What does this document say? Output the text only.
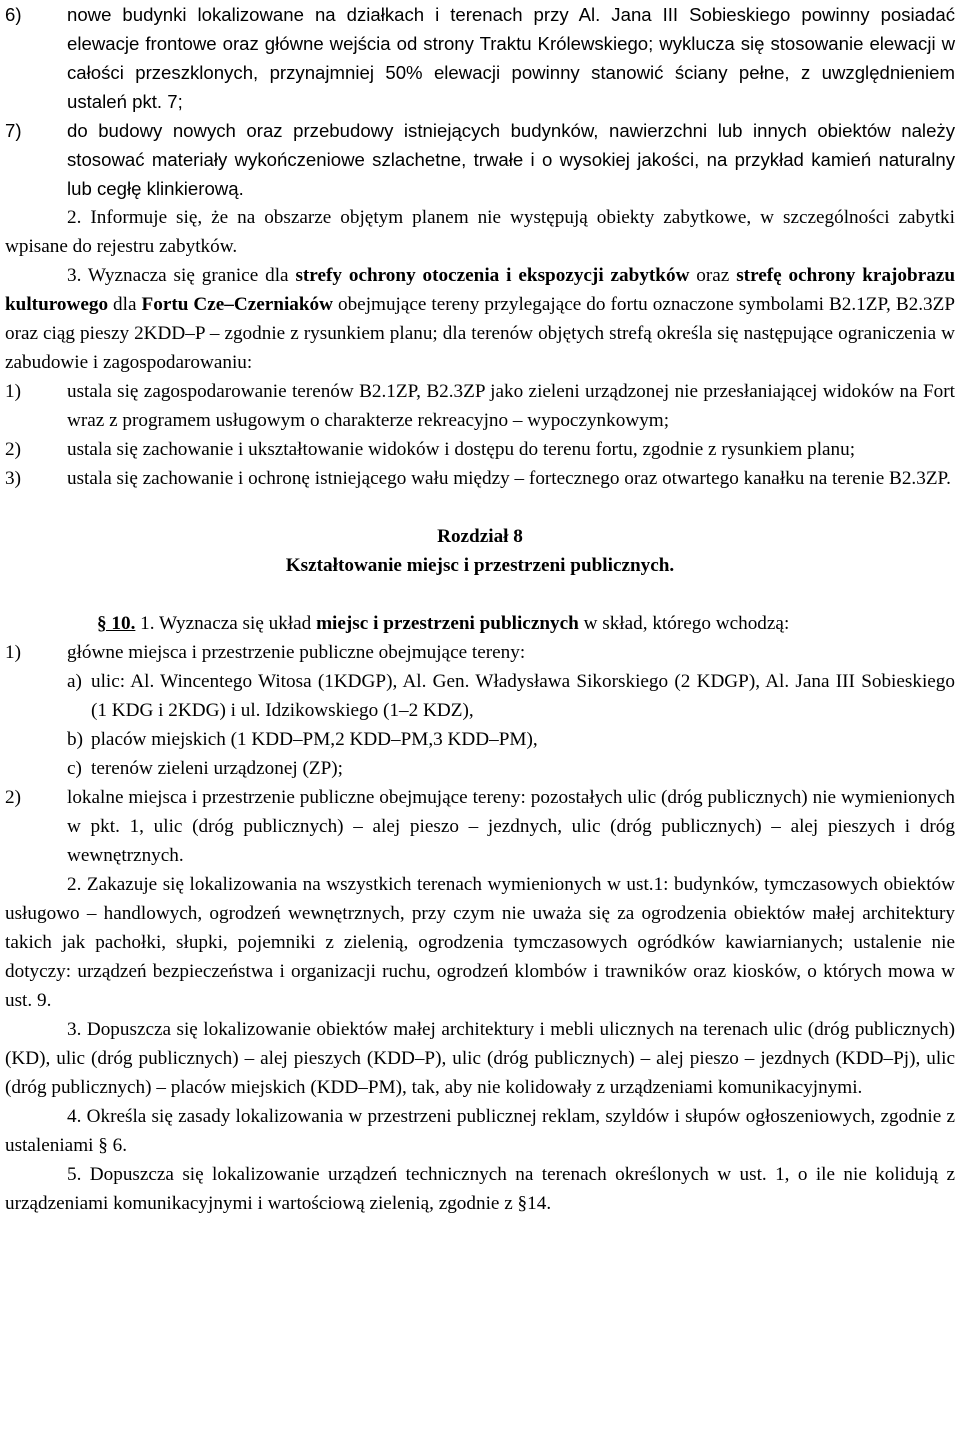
6) nowe budynki lokalizowane na działkach i terenach przy Al. Jana III Sobieskiego powinny posiadać elewacje frontowe oraz główne wejścia od strony Traktu Królewskiego; wyklucza się stosowanie elewacji w całości przeszklonych, przynajmniej 50% elewacji powinny stanowić ściany pełne, z uwzględnieniem ustaleń pkt. 7;
7) do budowy nowych oraz przebudowy istniejących budynków, nawierzchni lub innych obiektów należy stosować materiały wykończeniowe szlachetne, trwałe i o wysokiej jakości, na przykład kamień naturalny lub cegłę klinkierową.

2. Informuje się, że na obszarze objętym planem nie występują obiekty zabytkowe, w szczególności zabytki wpisane do rejestru zabytków.

3. Wyznacza się granice dla strefy ochrony otoczenia i ekspozycji zabytków oraz strefę ochrony krajobrazu kulturowego dla Fortu Cze–Czerniaków obejmujące tereny przylegające do fortu oznaczone symbolami B2.1ZP, B2.3ZP oraz ciąg pieszy 2KDD–P – zgodnie z rysunkiem planu; dla terenów objętych strefą określa się następujące ograniczenia w zabudowie i zagospodarowaniu:

1) ustala się zagospodarowanie terenów B2.1ZP, B2.3ZP jako zieleni urządzonej nie przesłaniającej widoków na Fort wraz z programem usługowym o charakterze rekreacyjno – wypoczynkowym;
2) ustala się zachowanie i ukształtowanie widoków i dostępu do terenu fortu, zgodnie z rysunkiem planu;
3) ustala się zachowanie i ochronę istniejącego wału między – fortecznego oraz otwartego kanałku na terenie B2.3ZP.

Rozdział 8

Kształtowanie miejsc i przestrzeni publicznych.

§ 10. 1. Wyznacza się układ miejsc i przestrzeni publicznych w skład, którego wchodzą:

1) główne miejsca i przestrzenie publiczne obejmujące tereny:
a) ulic: Al. Wincentego Witosa (1KDGP), Al. Gen. Władysława Sikorskiego (2 KDGP), Al. Jana III Sobieskiego (1 KDG i 2KDG) i ul. Idzikowskiego (1–2 KDZ),
b) placów miejskich (1 KDD–PM,2 KDD–PM,3 KDD–PM),
c) terenów zieleni urządzonej (ZP);
2) lokalne miejsca i przestrzenie publiczne obejmujące tereny: pozostałych ulic (dróg publicznych) nie wymienionych w pkt. 1, ulic (dróg publicznych) – alej pieszo – jezdnych, ulic (dróg publicznych) – alej pieszych i dróg wewnętrznych.

2. Zakazuje się lokalizowania na wszystkich terenach wymienionych w ust.1: budynków, tymczasowych obiektów usługowo – handlowych, ogrodzeń wewnętrznych, przy czym nie uważa się za ogrodzenia obiektów małej architektury takich jak pachołki, słupki, pojemniki z zielenią, ogrodzenia tymczasowych ogródków kawiarnianych; ustalenie nie dotyczy: urządzeń bezpieczeństwa i organizacji ruchu, ogrodzeń klombów i trawników oraz kiosków, o których mowa w ust. 9.

3. Dopuszcza się lokalizowanie obiektów małej architektury i mebli ulicznych na terenach ulic (dróg publicznych) (KD), ulic (dróg publicznych) – alej pieszych (KDD–P), ulic (dróg publicznych) – alej pieszo – jezdnych (KDD–Pj), ulic (dróg publicznych) – placów miejskich (KDD–PM), tak, aby nie kolidowały z urządzeniami komunikacyjnymi.

4. Określa się zasady lokalizowania w przestrzeni publicznej reklam, szyldów i słupów ogłoszeniowych, zgodnie z ustaleniami § 6.

5. Dopuszcza się lokalizowanie urządzeń technicznych na terenach określonych w ust. 1, o ile nie kolidują z urządzeniami komunikacyjnymi i wartościową zielenią, zgodnie z §14.
